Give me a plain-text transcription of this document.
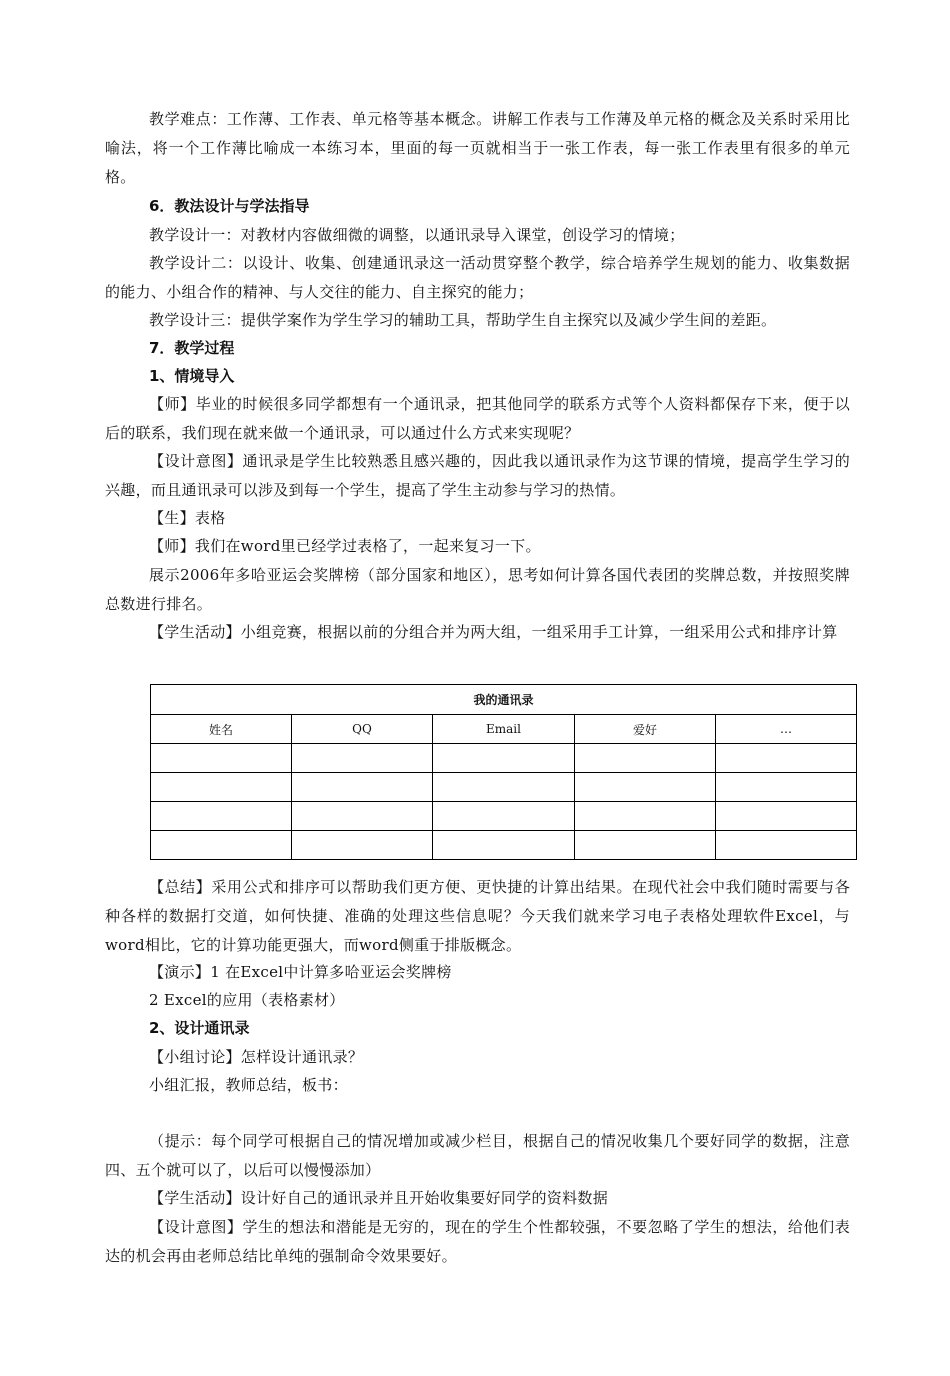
教学难点：工作薄、工作表、单元格等基本概念。讲解工作表与工作薄及单元格的概念及关系时采用比喻法，将一个工作薄比喻成一本练习本，里面的每一页就相当于一张工作表，每一张工作表里有很多的单元格。
6．教法设计与学法指导
教学设计一：对教材内容做细微的调整，以通讯录导入课堂，创设学习的情境；
教学设计二：以设计、收集、创建通讯录这一活动贯穿整个教学，综合培养学生规划的能力、收集数据的能力、小组合作的精神、与人交往的能力、自主探究的能力；
教学设计三：提供学案作为学生学习的辅助工具，帮助学生自主探究以及减少学生间的差距。
7．教学过程
1、情境导入
【师】毕业的时候很多同学都想有一个通讯录，把其他同学的联系方式等个人资料都保存下来，便于以后的联系，我们现在就来做一个通讯录，可以通过什么方式来实现呢？
【设计意图】通讯录是学生比较熟悉且感兴趣的，因此我以通讯录作为这节课的情境，提高学生学习的兴趣，而且通讯录可以涉及到每一个学生，提高了学生主动参与学习的热情。
【生】表格
【师】我们在word里已经学过表格了，一起来复习一下。
展示2006年多哈亚运会奖牌榜（部分国家和地区），思考如何计算各国代表团的奖牌总数，并按照奖牌总数进行排名。
【学生活动】小组竞赛，根据以前的分组合并为两大组，一组采用手工计算，一组采用公式和排序计算
我的通讯录				
姓名	QQ	Email	爱好	…

【总结】采用公式和排序可以帮助我们更方便、更快捷的计算出结果。在现代社会中我们随时需要与各种各样的数据打交道，如何快捷、准确的处理这些信息呢？今天我们就来学习电子表格处理软件Excel，与word相比，它的计算功能更强大，而word侧重于排版概念。
【演示】1 在Excel中计算多哈亚运会奖牌榜
2 Excel的应用（表格素材）
2、设计通讯录
【小组讨论】怎样设计通讯录？
小组汇报，教师总结，板书：
（提示：每个同学可根据自己的情况增加或减少栏目，根据自己的情况收集几个要好同学的数据，注意四、五个就可以了，以后可以慢慢添加）
【学生活动】设计好自己的通讯录并且开始收集要好同学的资料数据
【设计意图】学生的想法和潜能是无穷的，现在的学生个性都较强，不要忽略了学生的想法，给他们表达的机会再由老师总结比单纯的强制命令效果要好。
